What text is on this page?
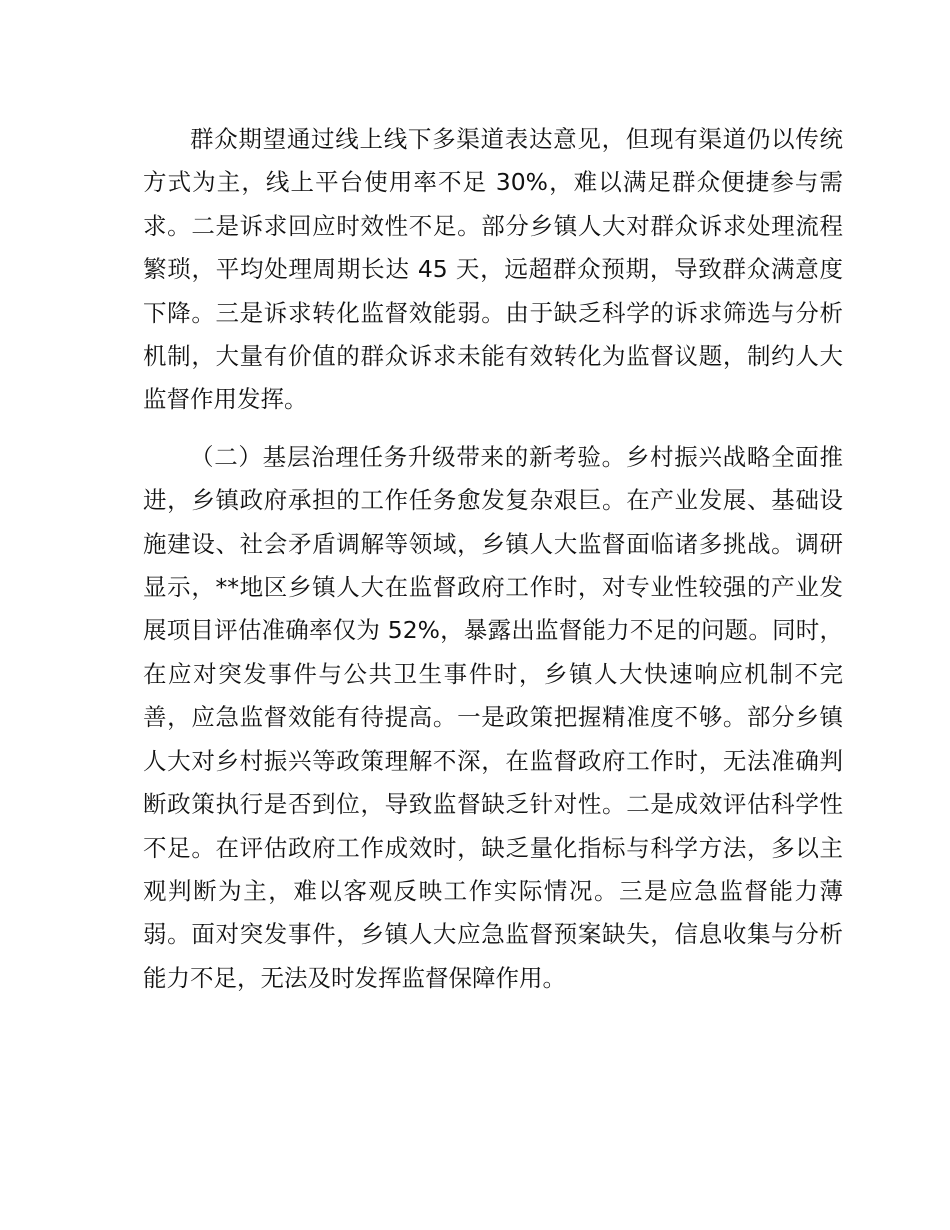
群众期望通过线上线下多渠道表达意见，但现有渠道仍以传统方式为主，线上平台使用率不足 30%，难以满足群众便捷参与需求。二是诉求回应时效性不足。部分乡镇人大对群众诉求处理流程繁琐，平均处理周期长达 45 天，远超群众预期，导致群众满意度下降。三是诉求转化监督效能弱。由于缺乏科学的诉求筛选与分析机制，大量有价值的群众诉求未能有效转化为监督议题，制约人大监督作用发挥。

（二）基层治理任务升级带来的新考验。乡村振兴战略全面推进，乡镇政府承担的工作任务愈发复杂艰巨。在产业发展、基础设施建设、社会矛盾调解等领域，乡镇人大监督面临诸多挑战。调研显示，**地区乡镇人大在监督政府工作时，对专业性较强的产业发展项目评估准确率仅为 52%，暴露出监督能力不足的问题。同时，在应对突发事件与公共卫生事件时，乡镇人大快速响应机制不完善，应急监督效能有待提高。一是政策把握精准度不够。部分乡镇人大对乡村振兴等政策理解不深，在监督政府工作时，无法准确判断政策执行是否到位，导致监督缺乏针对性。二是成效评估科学性不足。在评估政府工作成效时，缺乏量化指标与科学方法，多以主观判断为主，难以客观反映工作实际情况。三是应急监督能力薄弱。面对突发事件，乡镇人大应急监督预案缺失，信息收集与分析能力不足，无法及时发挥监督保障作用。
